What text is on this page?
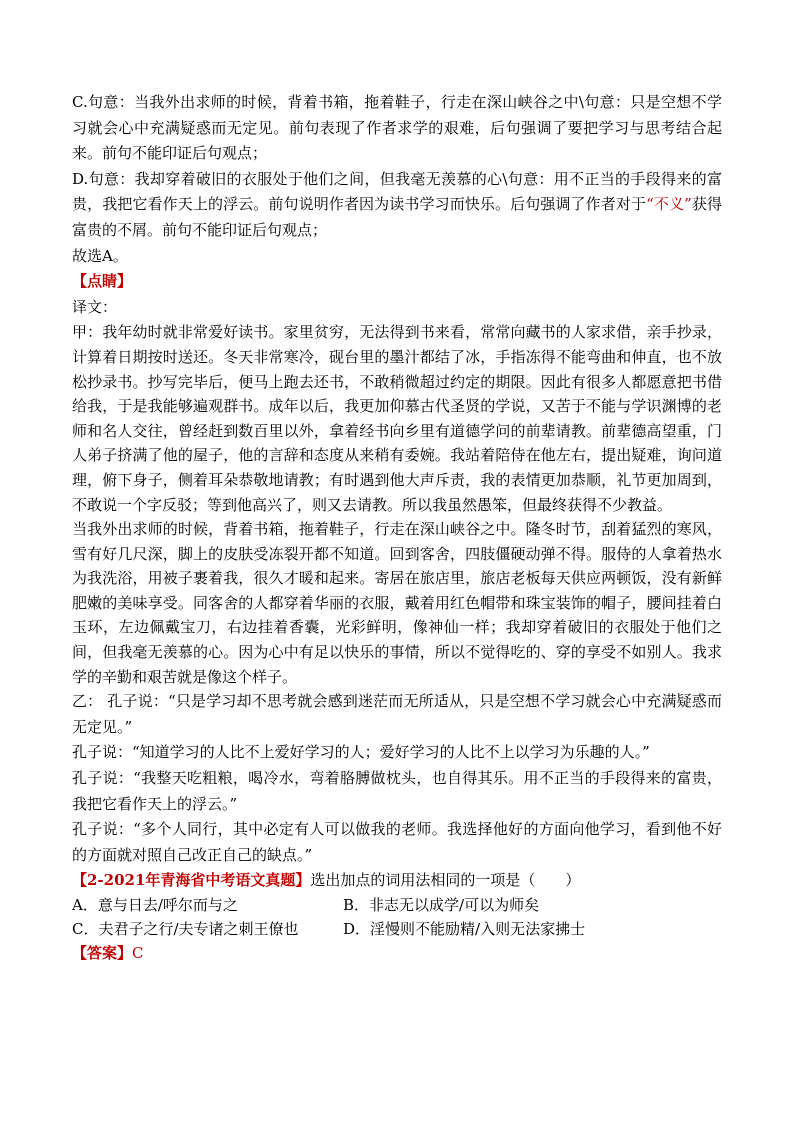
C.句意：当我外出求师的时候，背着书箱，拖着鞋子，行走在深山峡谷之中\句意：只是空想不学习就会心中充满疑惑而无定见。前句表现了作者求学的艰难，后句强调了要把学习与思考结合起来。前句不能印证后句观点；

D.句意：我却穿着破旧的衣服处于他们之间，但我毫无羡慕的心\句意：用不正当的手段得来的富贵，我把它看作天上的浮云。前句说明作者因为读书学习而快乐。后句强调了作者对于“不义”获得富贵的不屑。前句不能印证后句观点；

故选A。

【点睛】

译文：

甲：我年幼时就非常爱好读书。家里贫穷，无法得到书来看，常常向藏书的人家求借，亲手抄录，计算着日期按时送还。冬天非常寒冷，砚台里的墨汁都结了冰，手指冻得不能弯曲和伸直，也不放松抄录书。抄写完毕后，便马上跑去还书，不敢稍微超过约定的期限。因此有很多人都愿意把书借给我，于是我能够遍观群书。成年以后，我更加仰慕古代圣贤的学说，又苦于不能与学识渊博的老师和名人交往，曾经赶到数百里以外，拿着经书向乡里有道德学问的前辈请教。前辈德高望重，门人弟子挤满了他的屋子，他的言辞和态度从来稍有委婉。我站着陪侍在他左右，提出疑难，询问道理，俯下身子，侧着耳朵恭敬地请教；有时遇到他大声斥责，我的表情更加恭顺，礼节更加周到，不敢说一个字反驳；等到他高兴了，则又去请教。所以我虽然愚笨，但最终获得不少教益。

当我外出求师的时候，背着书箱，拖着鞋子，行走在深山峡谷之中。隆冬时节，刮着猛烈的寒风，雪有好几尺深，脚上的皮肤受冻裂开都不知道。回到客舍，四肢僵硬动弹不得。服侍的人拿着热水为我洗浴，用被子裹着我，很久才暖和起来。寄居在旅店里，旅店老板每天供应两顿饭，没有新鲜肥嫩的美味享受。同客舍的人都穿着华丽的衣服，戴着用红色帽带和珠宝装饰的帽子，腰间挂着白玉环，左边佩戴宝刀，右边挂着香囊，光彩鲜明，像神仙一样；我却穿着破旧的衣服处于他们之间，但我毫无羡慕的心。因为心中有足以快乐的事情，所以不觉得吃的、穿的享受不如别人。我求学的辛勤和艰苦就是像这个样子。

乙： 孔子说：“只是学习却不思考就会感到迷茫而无所适从，只是空想不学习就会心中充满疑惑而无定见。”

孔子说：“知道学习的人比不上爱好学习的人；爱好学习的人比不上以学习为乐趣的人。”

孔子说：“我整天吃粗粮，喝冷水，弯着胳膊做枕头，也自得其乐。用不正当的手段得来的富贵，我把它看作天上的浮云。”

孔子说：“多个人同行，其中必定有人可以做我的老师。我选择他好的方面向他学习，看到他不好的方面就对照自己改正自己的缺点。”

【2-2021年青海省中考语文真题】选出加点的词用法相同的一项是（　　）

A．意与日去/呼尔而与之	B．非志无以成学/可以为师矣
C．夫君子之行/夫专诸之刺王僚也	D．淫慢则不能励精/入则无法家拂士

【答案】C
